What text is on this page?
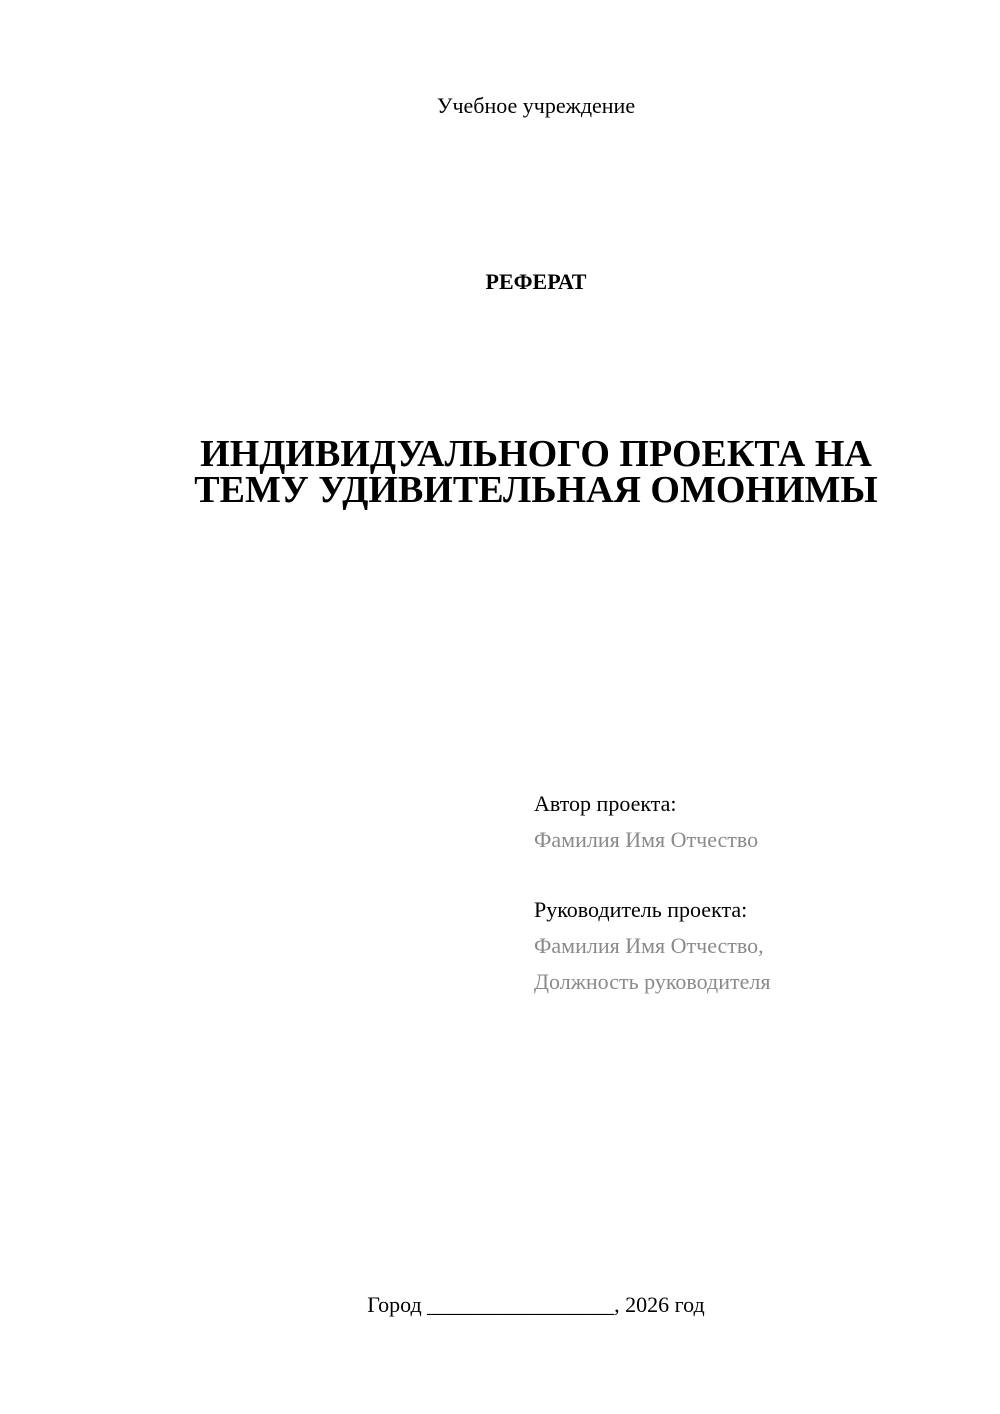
Учебное учреждение
РЕФЕРАТ
ИНДИВИДУАЛЬНОГО ПРОЕКТА НА
ТЕМУ УДИВИТЕЛЬНАЯ ОМОНИМЫ
Автор проекта:
Фамилия Имя Отчество
Руководитель проекта:
Фамилия Имя Отчество,
Должность руководителя
Город _________________, 2026 год
